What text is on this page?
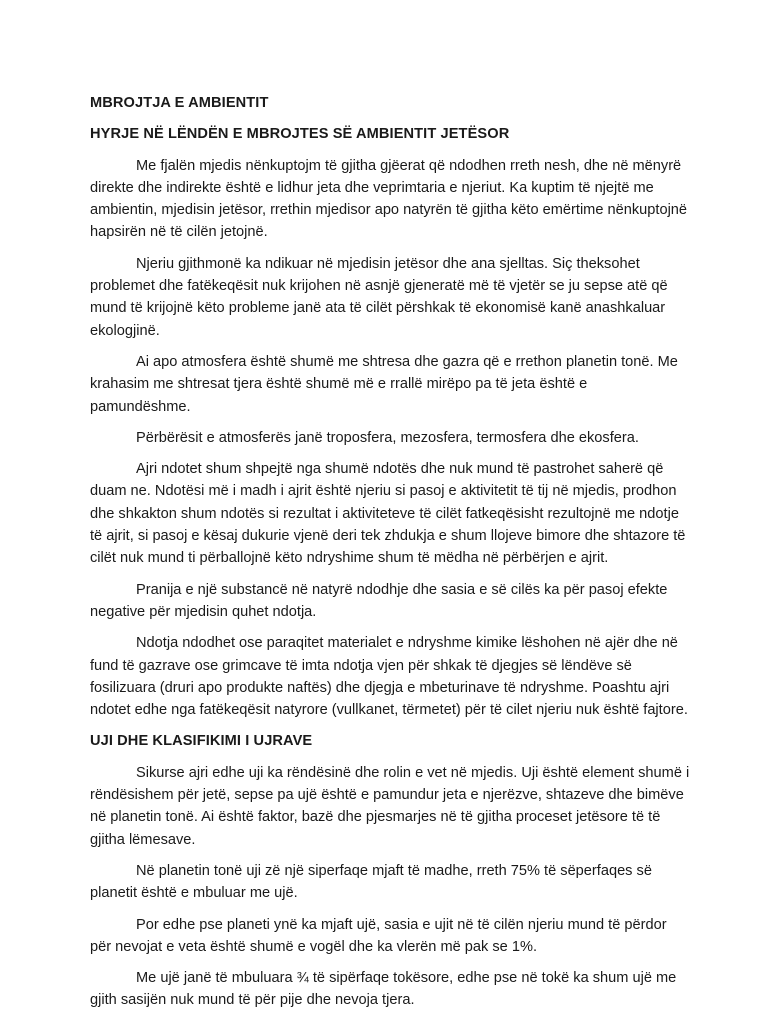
MBROJTJA E AMBIENTIT
HYRJE NË LËNDËN E MBROJTES SË AMBIENTIT JETËSOR

Me fjalën mjedis nënkuptojm të gjitha gjëerat që ndodhen rreth nesh, dhe në mënyrë direkte dhe indirekte është e lidhur jeta dhe veprimtaria e njeriut. Ka kuptim të njejtë me ambientin, mjedisin jetësor, rrethin mjedisor apo natyrën të gjitha këto emërtime nënkuptojnë hapsirën në të cilën jetojnë.

Njeriu gjithmonë ka ndikuar në mjedisin jetësor dhe ana sjelltas. Siç theksohet problemet dhe fatëkeqësit nuk krijohen në asnjë gjeneratë më të vjetër se ju sepse atë që mund të krijojnë këto probleme janë ata të cilët përshkak të ekonomisë kanë anashkaluar ekologjinë.

Ai apo atmosfera është shumë me shtresa dhe gazra që e rrethon planetin tonë. Me krahasim me shtresat tjera është shumë më e rrallë mirëpo pa të jeta është e pamundëshme.

Përbërësit e atmosferës janë troposfera, mezosfera, termosfera dhe ekosfera.

Ajri ndotet shum shpejtë nga shumë ndotës dhe nuk mund të pastrohet saherë që duam ne. Ndotësi më i madh i ajrit është njeriu si pasoj e aktivitetit të tij në mjedis, prodhon dhe shkakton shum ndotës si rezultat i aktiviteteve të cilët fatkeqësisht rezultojnë me ndotje të ajrit, si pasoj e kësaj dukurie vjenë deri tek zhdukja e shum llojeve bimore dhe shtazore të cilët nuk mund ti përballojnë këto ndryshime shum të mëdha në përbërjen e ajrit.

Pranija e një substancë në natyrë ndodhje dhe sasia e së cilës ka për pasoj efekte negative për mjedisin quhet ndotja.

Ndotja ndodhet ose paraqitet materialet e ndryshme kimike lëshohen në ajër dhe në fund të gazrave ose grimcave të imta ndotja vjen për shkak të djegjes së lëndëve së fosilizuara (druri apo produkte naftës) dhe djegja e mbeturinave të ndryshme. Poashtu ajri ndotet edhe nga fatëkeqësit natyrore (vullkanet, tërmetet) për të cilet njeriu nuk është fajtore.

UJI DHE KLASIFIKIMI I UJRAVE

Sikurse ajri edhe uji ka rëndësinë dhe rolin e vet në mjedis. Uji është element shumë i rëndësishem për jetë, sepse pa ujë është e pamundur jeta e njerëzve, shtazeve dhe bimëve në planetin tonë. Ai është faktor, bazë dhe pjesmarjes në të gjitha proceset jetësore të të gjitha lëmesave.

Në planetin tonë uji zë një siperfaqe mjaft të madhe, rreth 75% të sëperfaqes së planetit është e mbuluar me ujë.

Por edhe pse planeti ynë ka mjaft ujë, sasia e ujit në të cilën njeriu mund të përdor për nevojat e veta është shumë e vogël dhe ka vlerën më pak se 1%.

Me ujë janë të mbuluara ¾ të sipërfaqe tokësore, edhe pse në tokë ka shum ujë me gjith sasijën nuk mund të për pije dhe nevoja tjera.
